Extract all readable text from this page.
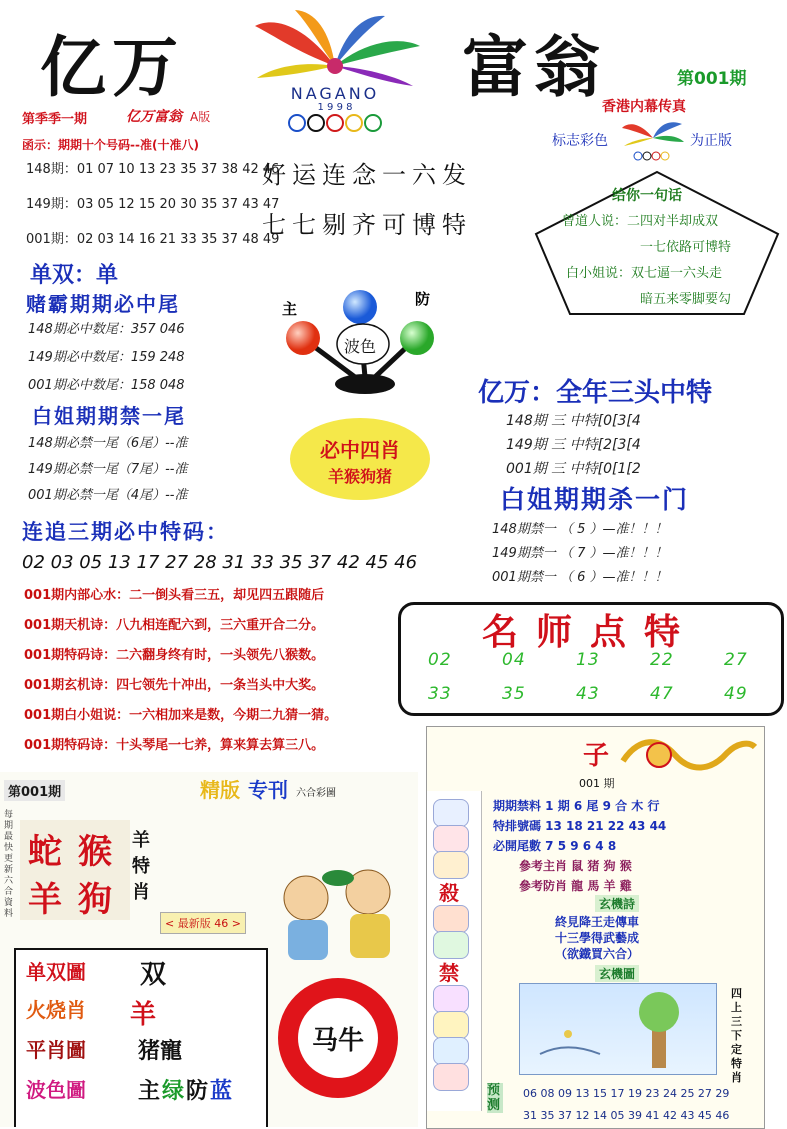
亿万	富翁
NAGANO
1 9 9 8
第001期
第季季一期	亿万富翁 A版
函示：期期十个号码--准(十准八)
148期：01 07 10 13 23 35 37 38 42 46
149期：03 05 12 15 20 30 35 37 43 47
001期：02 03 14 16 21 33 35 37 48 49
好运连念一六发
七七剔齐可博特
香港内幕传真
标志彩色	为正版
给你一句话
曾道人说：二四对半却成双
一七依路可博特
白小姐说：双七逼一六头走
暗五来零脚要勾
单双：单
赌霸期期必中尾
148期必中数尾：357 046
149期必中数尾：159 248
001期必中数尾：158 048
主
防
波色
白姐期期禁一尾
148期必禁一尾（6尾）--准
149期必禁一尾（7尾）--准
001期必禁一尾（4尾）--准
必中四肖
羊猴狗猪
亿万：全年三头中特
148期 三 中特[0[3[4
149期 三 中特[2[3[4
001期 三 中特[0[1[2
白姐期期杀一门
148期禁一 （ 5 ）—准！！！
149期禁一 （ 7 ）—准！！！
001期禁一 （ 6 ）—准！！！
连追三期必中特码：
02 03 05 13 17 27 28 31 33 35 37 42 45 46
001期内部心水：二一倒头看三五，却见四五跟随后
001期天机诗：八九相连配六到，三六重开合二分。
001期特码诗：二六翻身终有时，一头领先八猴数。
001期玄机诗：四七领先十冲出，一条当头中大奖。
001期白小姐说：一六相加来是数，今期二九猜一猜。
001期特码诗：十头琴尾一七养，算来算去算三八。
名师点特
02	04	13	22	27
33	35	43	47	49
第001期	精版 专刊 六合彩圖
每期最快更新六合資料
蛇 猴
羊 狗
羊特肖
< 最新版 46 >
单双圖
火烧肖
平肖圖
波色圖
双
羊
猪寵
主 绿 防 蓝
马牛
子
001 期
殺
禁
期期禁料 1 期 6 尾 9 合 木 行
特排號碼 13 18 21 22 43 44
必開尾數 7 5 9 6 4 8
參考主肖 鼠 猪 狗 猴
參考防肖 龍 馬 羊 雞
玄機詩
終見降王走傳車
十三學得武藝成
（欲鐵買六合）
玄機圖
四上三下定特肖
预测
06 08 09 13 15 17 19 23 24 25 27 29
31 35 37 12 14 05 39 41 42 43 45 46
